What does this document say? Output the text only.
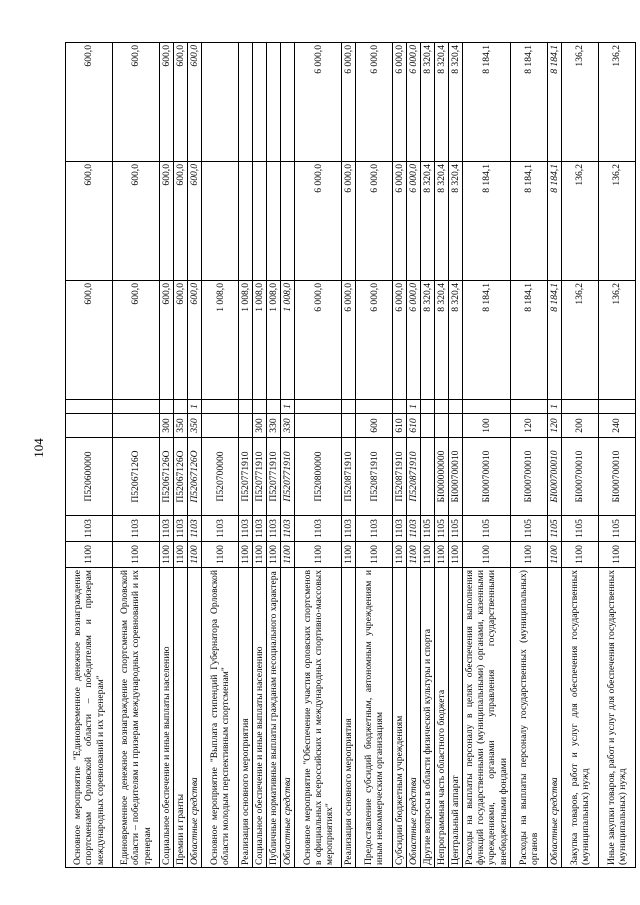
104
Основное мероприятие "Единовременное денежное вознаграждение спортсменам Орловской области – победителям и призерам международных соревнований и их тренерам"	1100	1103	П520600000			600,0	600,0	600,0
Единовременное денежное вознаграждение спортсменам Орловской области – победителям и призерам международных соревнований и их тренерам	1100	1103	П52067126О			600,0	600,0	600,0
Социальное обеспечение и иные выплаты населению	1100	1103	П52067126О	300		600,0	600,0	600,0
Премии и гранты	1100	1103	П52067126О	350		600,0	600,0	600,0
Областные средства	1100	1103	П52067126О	350	1	600,0	600,0	600,0
Основное мероприятие "Выплата стипендий Губернатора Орловской области молодым перспективным спортсменам"	1100	1103	П520700000			1 008,0		
Реализация основного мероприятия	1100	1103	П520771910			1 008,0		
Социальное обеспечение и иные выплаты населению	1100	1103	П520771910	300		1 008,0		
Публичные нормативные выплаты гражданам несоциального характера	1100	1103	П520771910	330		1 008,0		
Областные средства	1100	1103	П520771910	330	1	1 008,0		
Основное мероприятие "Обеспечение участия орловских спортсменов в официальных всероссийских и международных спортивно-массовых мероприятиях"	1100	1103	П520800000			6 000,0	6 000,0	6 000,0
Реализация основного мероприятия	1100	1103	П520871910			6 000,0	6 000,0	6 000,0
Предоставление субсидий бюджетным, автономным учреждениям и иным некоммерческим организациям	1100	1103	П520871910	600		6 000,0	6 000,0	6 000,0
Субсидии бюджетным учреждениям	1100	1103	П520871910	610		6 000,0	6 000,0	6 000,0
Областные средства	1100	1103	П520871910	610	1	6 000,0	6 000,0	6 000,0
Другие вопросы в области физической культуры и спорта	1100	1105				8 320,4	8 320,4	8 320,4
Непрограммная часть областного бюджета	1100	1105	БI000000000			8 320,4	8 320,4	8 320,4
Центральный аппарат	1100	1105	БI000700010			8 320,4	8 320,4	8 320,4
Расходы на выплаты персоналу в целях обеспечения выполнения функций государственными (муниципальными) органами, казенными учреждениями, органами управления государственными внебюджетными фондами	1100	1105	БI000700010	100		8 184,1	8 184,1	8 184,1
Расходы на выплаты персоналу государственных (муниципальных) органов	1100	1105	БI000700010	120		8 184,1	8 184,1	8 184,1
Областные средства	1100	1105	БI000700010	120	1	8 184,1	8 184,1	8 184,1
Закупка товаров, работ и услуг для обеспечения государственных (муниципальных) нужд	1100	1105	БI000700010	200		136,2	136,2	136,2
Иные закупки товаров, работ и услуг для обеспечения государственных (муниципальных) нужд	1100	1105	БI000700010	240		136,2	136,2	136,2
